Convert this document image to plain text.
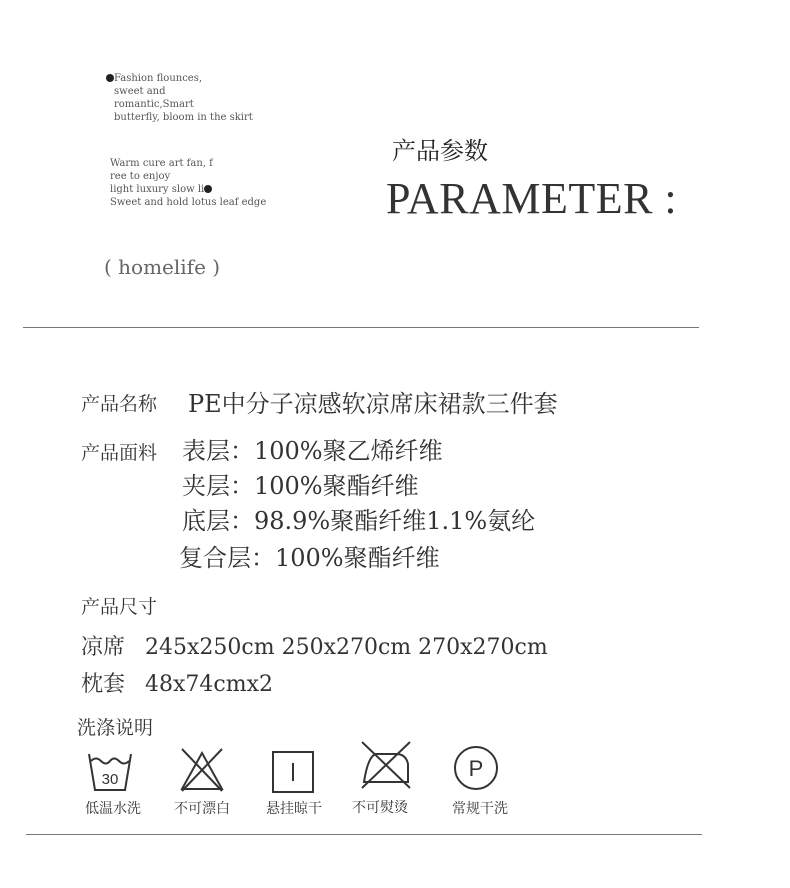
Fashion flounces,
sweet and
romantic,Smart
butterfly, bloom in the skirt
Warm cure art fan, f
ree to enjoy
light luxury slow li
Sweet and hold lotus leaf edge
( homelife )
产品参数
PARAMETER :
产品名称 PE中分子凉感软凉席床裙款三件套
产品面料 表层：100%聚乙烯纤维
夹层：100%聚酯纤维
底层：98.9%聚酯纤维1.1%氨纶
复合层：100%聚酯纤维
产品尺寸
凉席 245x250cm 250x270cm 270x270cm
枕套 48x74cmx2
洗涤说明
30
低温水洗	不可漂白	悬挂晾干	不可熨烫
P
常规干洗
